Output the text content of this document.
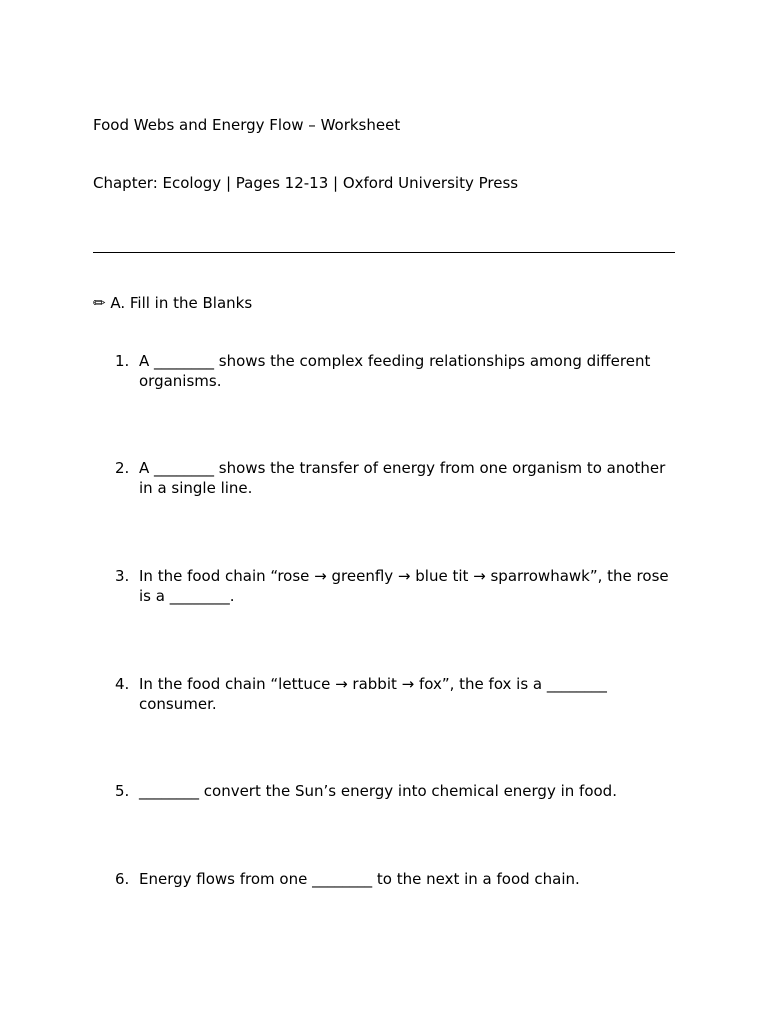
Food Webs and Energy Flow – Worksheet
Chapter: Ecology | Pages 12-13 | Oxford University Press
✏ A. Fill in the Blanks
1. A ________ shows the complex feeding relationships among different organisms.
2. A ________ shows the transfer of energy from one organism to another in a single line.
3. In the food chain “rose → greenfly → blue tit → sparrowhawk”, the rose is a ________.
4. In the food chain “lettuce → rabbit → fox”, the fox is a ________ consumer.
5. ________ convert the Sun’s energy into chemical energy in food.
6. Energy flows from one ________ to the next in a food chain.
